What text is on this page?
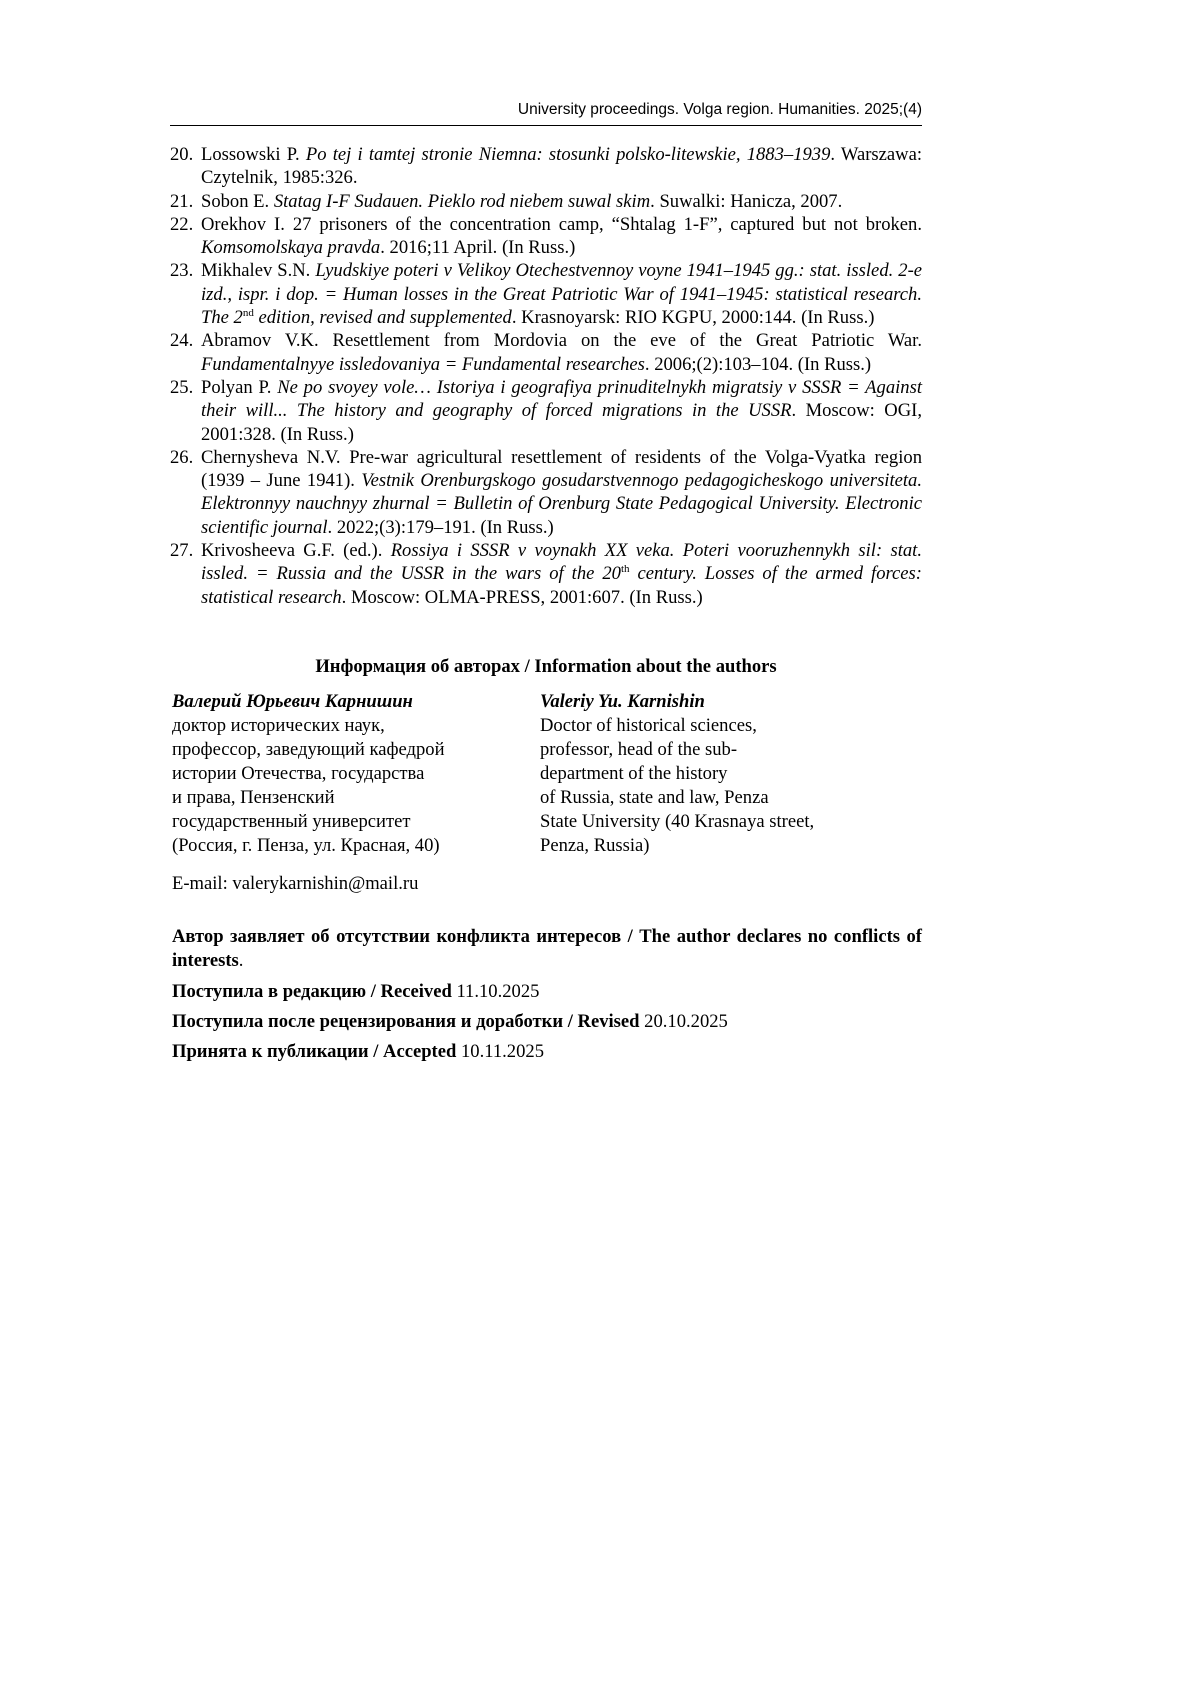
University proceedings. Volga region. Humanities. 2025;(4)
20. Lossowski P. Po tej i tamtej stronie Niemna: stosunki polsko-litewskie, 1883–1939. Warszawa: Czytelnik, 1985:326.
21. Sobon E. Statag I-F Sudauen. Pieklo rod niebem suwal skim. Suwalki: Hanicza, 2007.
22. Orekhov I. 27 prisoners of the concentration camp, “Shtalag 1-F”, captured but not broken. Komsomolskaya pravda. 2016;11 April. (In Russ.)
23. Mikhalev S.N. Lyudskiye poteri v Velikoy Otechestvennoy voyne 1941–1945 gg.: stat. issled. 2-e izd., ispr. i dop. = Human losses in the Great Patriotic War of 1941–1945: statistical research. The 2nd edition, revised and supplemented. Krasnoyarsk: RIO KGPU, 2000:144. (In Russ.)
24. Abramov V.K. Resettlement from Mordovia on the eve of the Great Patriotic War. Fundamentalnyye issledovaniya = Fundamental researches. 2006;(2):103–104. (In Russ.)
25. Polyan P. Ne po svoyey vole… Istoriya i geografiya prinuditelnykh migratsiy v SSSR = Against their will... The history and geography of forced migrations in the USSR. Moscow: OGI, 2001:328. (In Russ.)
26. Chernysheva N.V. Pre-war agricultural resettlement of residents of the Volga-Vyatka region (1939 – June 1941). Vestnik Orenburgskogo gosudarstvennogo pedagogicheskogo universiteta. Elektronnyy nauchnyy zhurnal = Bulletin of Orenburg State Pedagogical University. Electronic scientific journal. 2022;(3):179–191. (In Russ.)
27. Krivosheeva G.F. (ed.). Rossiya i SSSR v voynakh XX veka. Poteri vooruzhennykh sil: stat. issled. = Russia and the USSR in the wars of the 20th century. Losses of the armed forces: statistical research. Moscow: OLMA-PRESS, 2001:607. (In Russ.)
Информация об авторах / Information about the authors
Валерий Юрьевич Карнишин
доктор исторических наук,
профессор, заведующий кафедрой
истории Отечества, государства
и права, Пензенский
государственный университет
(Россия, г. Пенза, ул. Красная, 40)
Valeriy Yu. Karnishin
Doctor of historical sciences,
professor, head of the sub-
department of the history
of Russia, state and law, Penza
State University (40 Krasnaya street,
Penza, Russia)
E-mail: valerykarnishin@mail.ru
Автор заявляет об отсутствии конфликта интересов / The author declares no conflicts of interests.
Поступила в редакцию / Received 11.10.2025
Поступила после рецензирования и доработки / Revised 20.10.2025
Принята к публикации / Accepted 10.11.2025
